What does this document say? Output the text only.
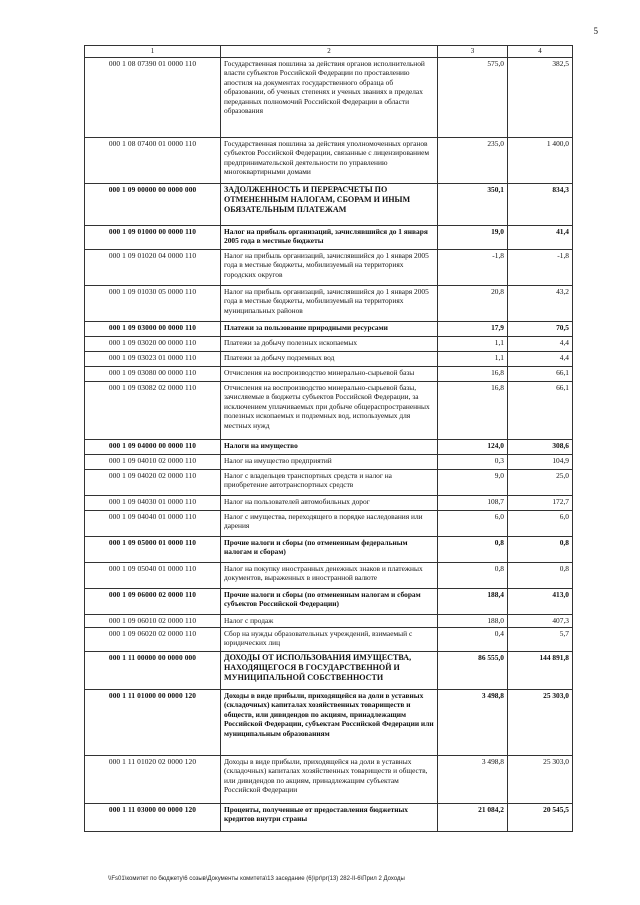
5
1	2	3	4
000 1 08 07390 01 0000 110	Государственная пошлина за действия органов исполнительной власти субъектов Российской Федерации по проставлению апостиля на документах государственного образца об образовании, об ученых степенях и ученых званиях в пределах переданных полномочий Российской Федерации в области образования	575,0	382,5
000 1 08 07400 01 0000 110	Государственная пошлина за действия уполномоченных органов субъектов Российской Федерации, связанные с лицензированием предпринимательской деятельности по управлению многоквартирными домами	235,0	1 400,0
000 1 09 00000 00 0000 000	ЗАДОЛЖЕННОСТЬ И ПЕРЕРАСЧЕТЫ ПО ОТМЕНЕННЫМ НАЛОГАМ, СБОРАМ И ИНЫМ ОБЯЗАТЕЛЬНЫМ ПЛАТЕЖАМ	350,1	834,3
000 1 09 01000 00 0000 110	Налог на прибыль организаций, зачислявшийся до 1 января 2005 года в местные бюджеты	19,0	41,4
000 1 09 01020 04 0000 110	Налог на прибыль организаций, зачислявшийся до 1 января 2005 года в местные бюджеты, мобилизуемый на территориях городских округов	-1,8	-1,8
000 1 09 01030 05 0000 110	Налог на прибыль организаций, зачислявшийся до 1 января 2005 года в местные бюджеты, мобилизуемый на территориях муниципальных районов	20,8	43,2
000 1 09 03000 00 0000 110	Платежи за пользование природными ресурсами	17,9	70,5
000 1 09 03020 00 0000 110	Платежи за добычу полезных ископаемых	1,1	4,4
000 1 09 03023 01 0000 110	Платежи за добычу подземных вод	1,1	4,4
000 1 09 03080 00 0000 110	Отчисления на воспроизводство минерально-сырьевой базы	16,8	66,1
000 1 09 03082 02 0000 110	Отчисления на воспроизводство минерально-сырьевой базы, зачисляемые в бюджеты субъектов Российской Федерации, за исключением уплачиваемых при добыче общераспространенных полезных ископаемых и подземных вод, используемых для местных нужд	16,8	66,1
000 1 09 04000 00 0000 110	Налоги на имущество	124,0	308,6
000 1 09 04010 02 0000 110	Налог на имущество предприятий	0,3	104,9
000 1 09 04020 02 0000 110	Налог с владельцев транспортных средств и налог на приобретение автотранспортных средств	9,0	25,0
000 1 09 04030 01 0000 110	Налог на пользователей автомобильных дорог	108,7	172,7
000 1 09 04040 01 0000 110	Налог с имущества, переходящего в порядке наследования или дарения	6,0	6,0
000 1 09 05000 01 0000 110	Прочие налоги и сборы (по отмененным федеральным налогам и сборам)	0,8	0,8
000 1 09 05040 01 0000 110	Налог на покупку иностранных денежных знаков и платежных документов, выраженных в иностранной валюте	0,8	0,8
000 1 09 06000 02 0000 110	Прочие налоги и сборы (по отмененным налогам и сборам субъектов Российской Федерации)	188,4	413,0
000 1 09 06010 02 0000 110	Налог с продаж	188,0	407,3
000 1 09 06020 02 0000 110	Сбор на нужды образовательных учреждений, взимаемый с юридических лиц	0,4	5,7
000 1 11 00000 00 0000 000	ДОХОДЫ ОТ ИСПОЛЬЗОВАНИЯ ИМУЩЕСТВА, НАХОДЯЩЕГОСЯ В ГОСУДАРСТВЕННОЙ И МУНИЦИПАЛЬНОЙ СОБСТВЕННОСТИ	86 555,0	144 891,8
000 1 11 01000 00 0000 120	Доходы в виде прибыли, приходящейся на доли в уставных (складочных) капиталах хозяйственных товариществ и обществ, или дивидендов по акциям, принадлежащим Российской Федерации, субъектам Российской Федерации или муниципальным образованиям	3 498,8	25 303,0
000 1 11 01020 02 0000 120	Доходы в виде прибыли, приходящейся на доли в уставных (складочных) капиталах хозяйственных товариществ и обществ, или дивидендов по акциям, принадлежащим субъектам Российской Федерации	3 498,8	25 303,0
000 1 11 03000 00 0000 120	Проценты, полученные от предоставления бюджетных кредитов внутри страны	21 084,2	20 545,5
\\Fs01\комитет по бюджету\6 созыв\Документы комитета\13 заседание (6)\pr\pr(13) 282-II-6\Прил 2 Доходы
